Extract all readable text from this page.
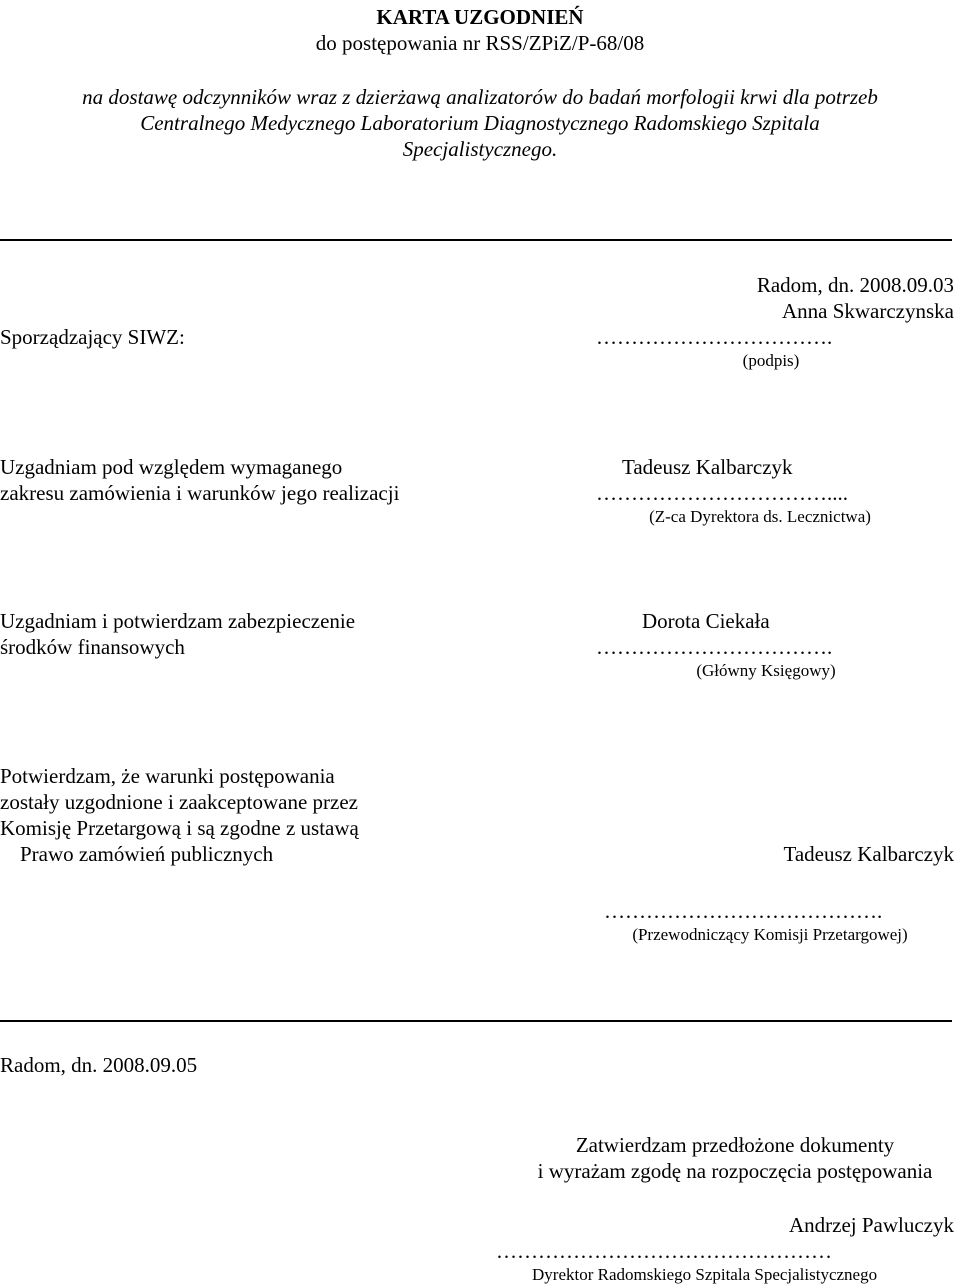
KARTA UZGODNIEŃ
do postępowania nr RSS/ZPiZ/P-68/08
na dostawę odczynników wraz z dzierżawą analizatorów do badań morfologii krwi dla potrzeb
Centralnego Medycznego Laboratorium Diagnostycznego Radomskiego Szpitala
Specjalistycznego.
Radom, dn. 2008.09.03
Anna Skwarczynska
Sporządzający SIWZ:	…………………………….
(podpis)
Uzgadniam pod względem wymaganego
zakresu zamówienia i warunków jego realizacji
Tadeusz Kalbarczyk
……………………………....
(Z-ca Dyrektora ds. Lecznictwa)
Uzgadniam i potwierdzam zabezpieczenie
środków finansowych
Dorota Ciekała
…………………………….
(Główny Księgowy)
Potwierdzam, że warunki postępowania
zostały uzgodnione i zaakceptowane przez
Komisję Przetargową i są zgodne z ustawą
Prawo zamówień publicznych	Tadeusz Kalbarczyk
………………………………….
(Przewodniczący Komisji Przetargowej)
Radom, dn. 2008.09.05
Zatwierdzam przedłożone dokumenty
i wyrażam zgodę na rozpoczęcia postępowania
Andrzej Pawluczyk
…………………………………………
Dyrektor Radomskiego Szpitala Specjalistycznego
